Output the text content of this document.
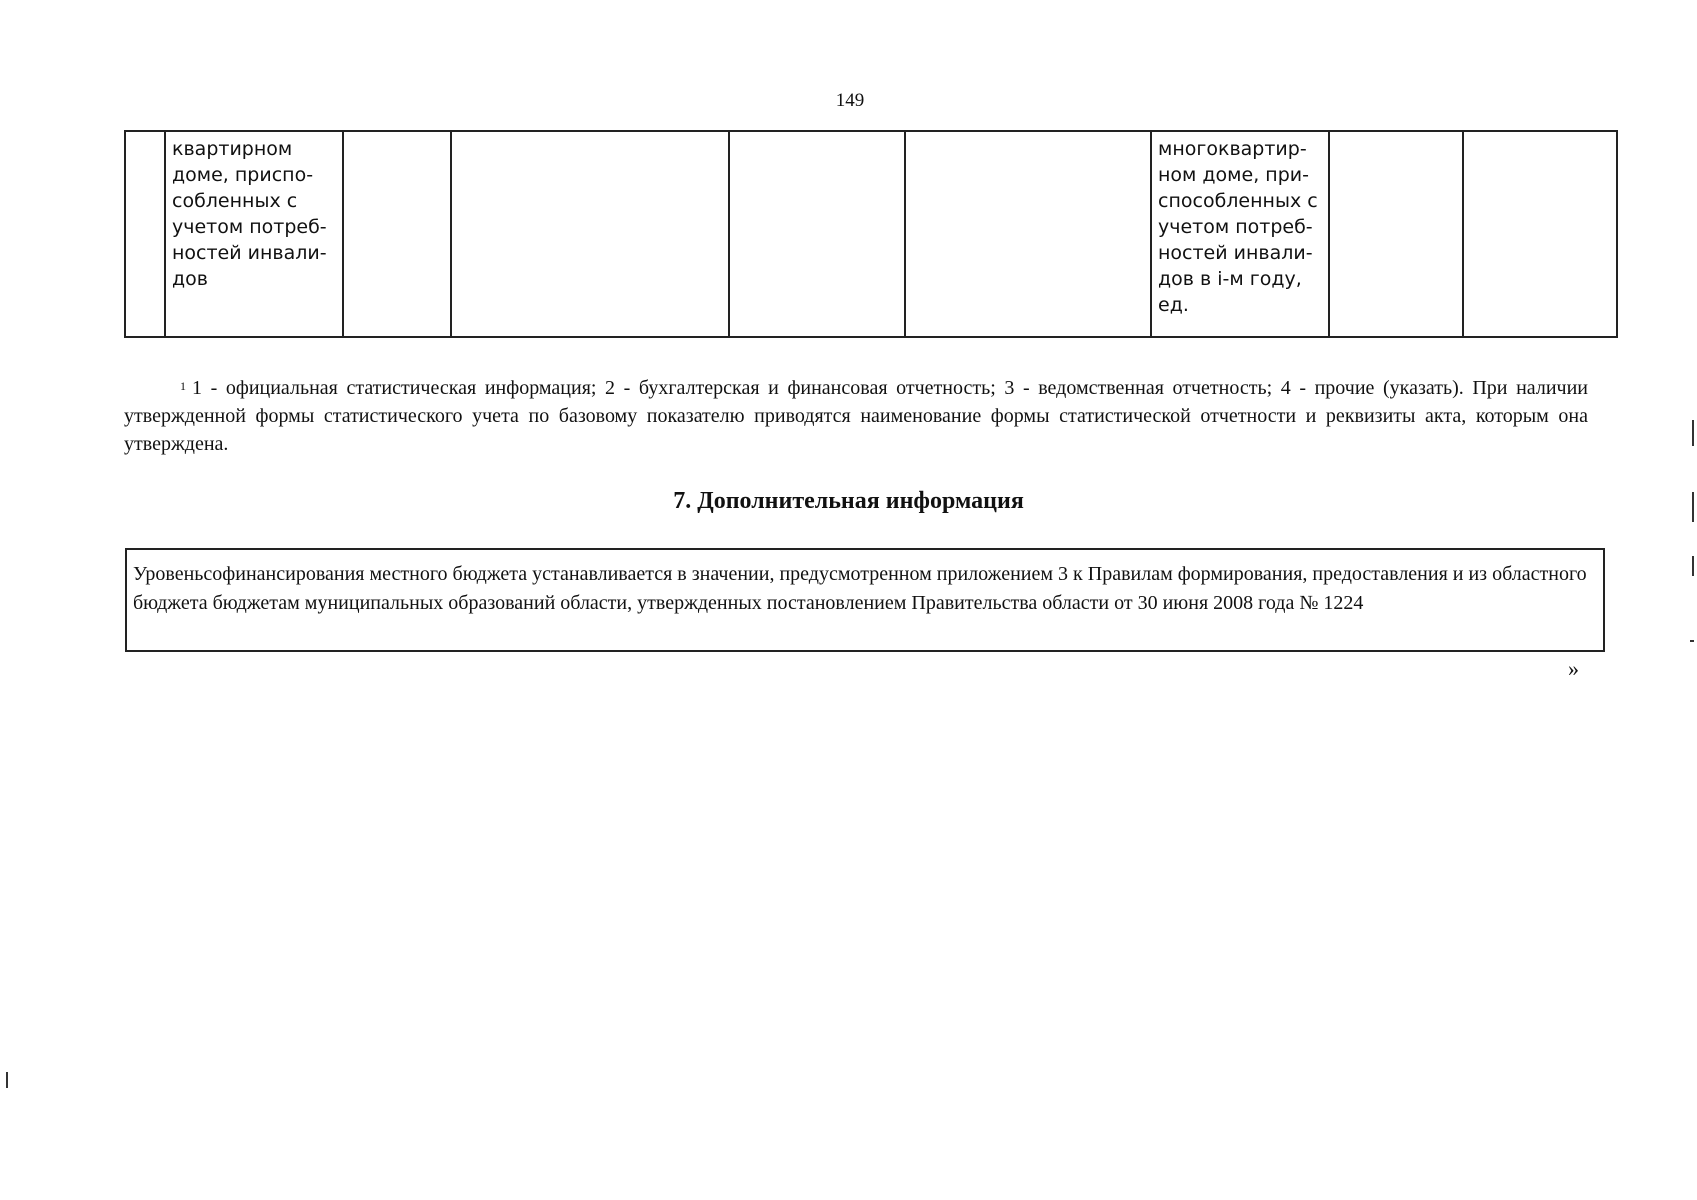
149
	квартирном доме, приспо-собленных с учетом потреб-ностей инвали-дов					многоквартир-ном доме, при-способленных с учетом потреб-ностей инвали-дов в i-м году, ед.		
$^1$ 1 - официальная статистическая информация; 2 - бухгалтерская и финансовая отчетность; 3 - ведомственная отчетность; 4 - прочие (указать). При наличии утвержденной формы статистического учета по базовому показателю приводятся наименование формы статистической отчетности и реквизиты акта, которым она утверждена.
7. Дополнительная информация
Уровеньсофинансирования местного бюджета устанавливается в значении, предусмотренном приложением 3 к Правилам формирования, предоставления и из областного бюджета бюджетам муниципальных образований области, утвержденных постановлением Правительства области от 30 июня 2008 года № 1224
»
